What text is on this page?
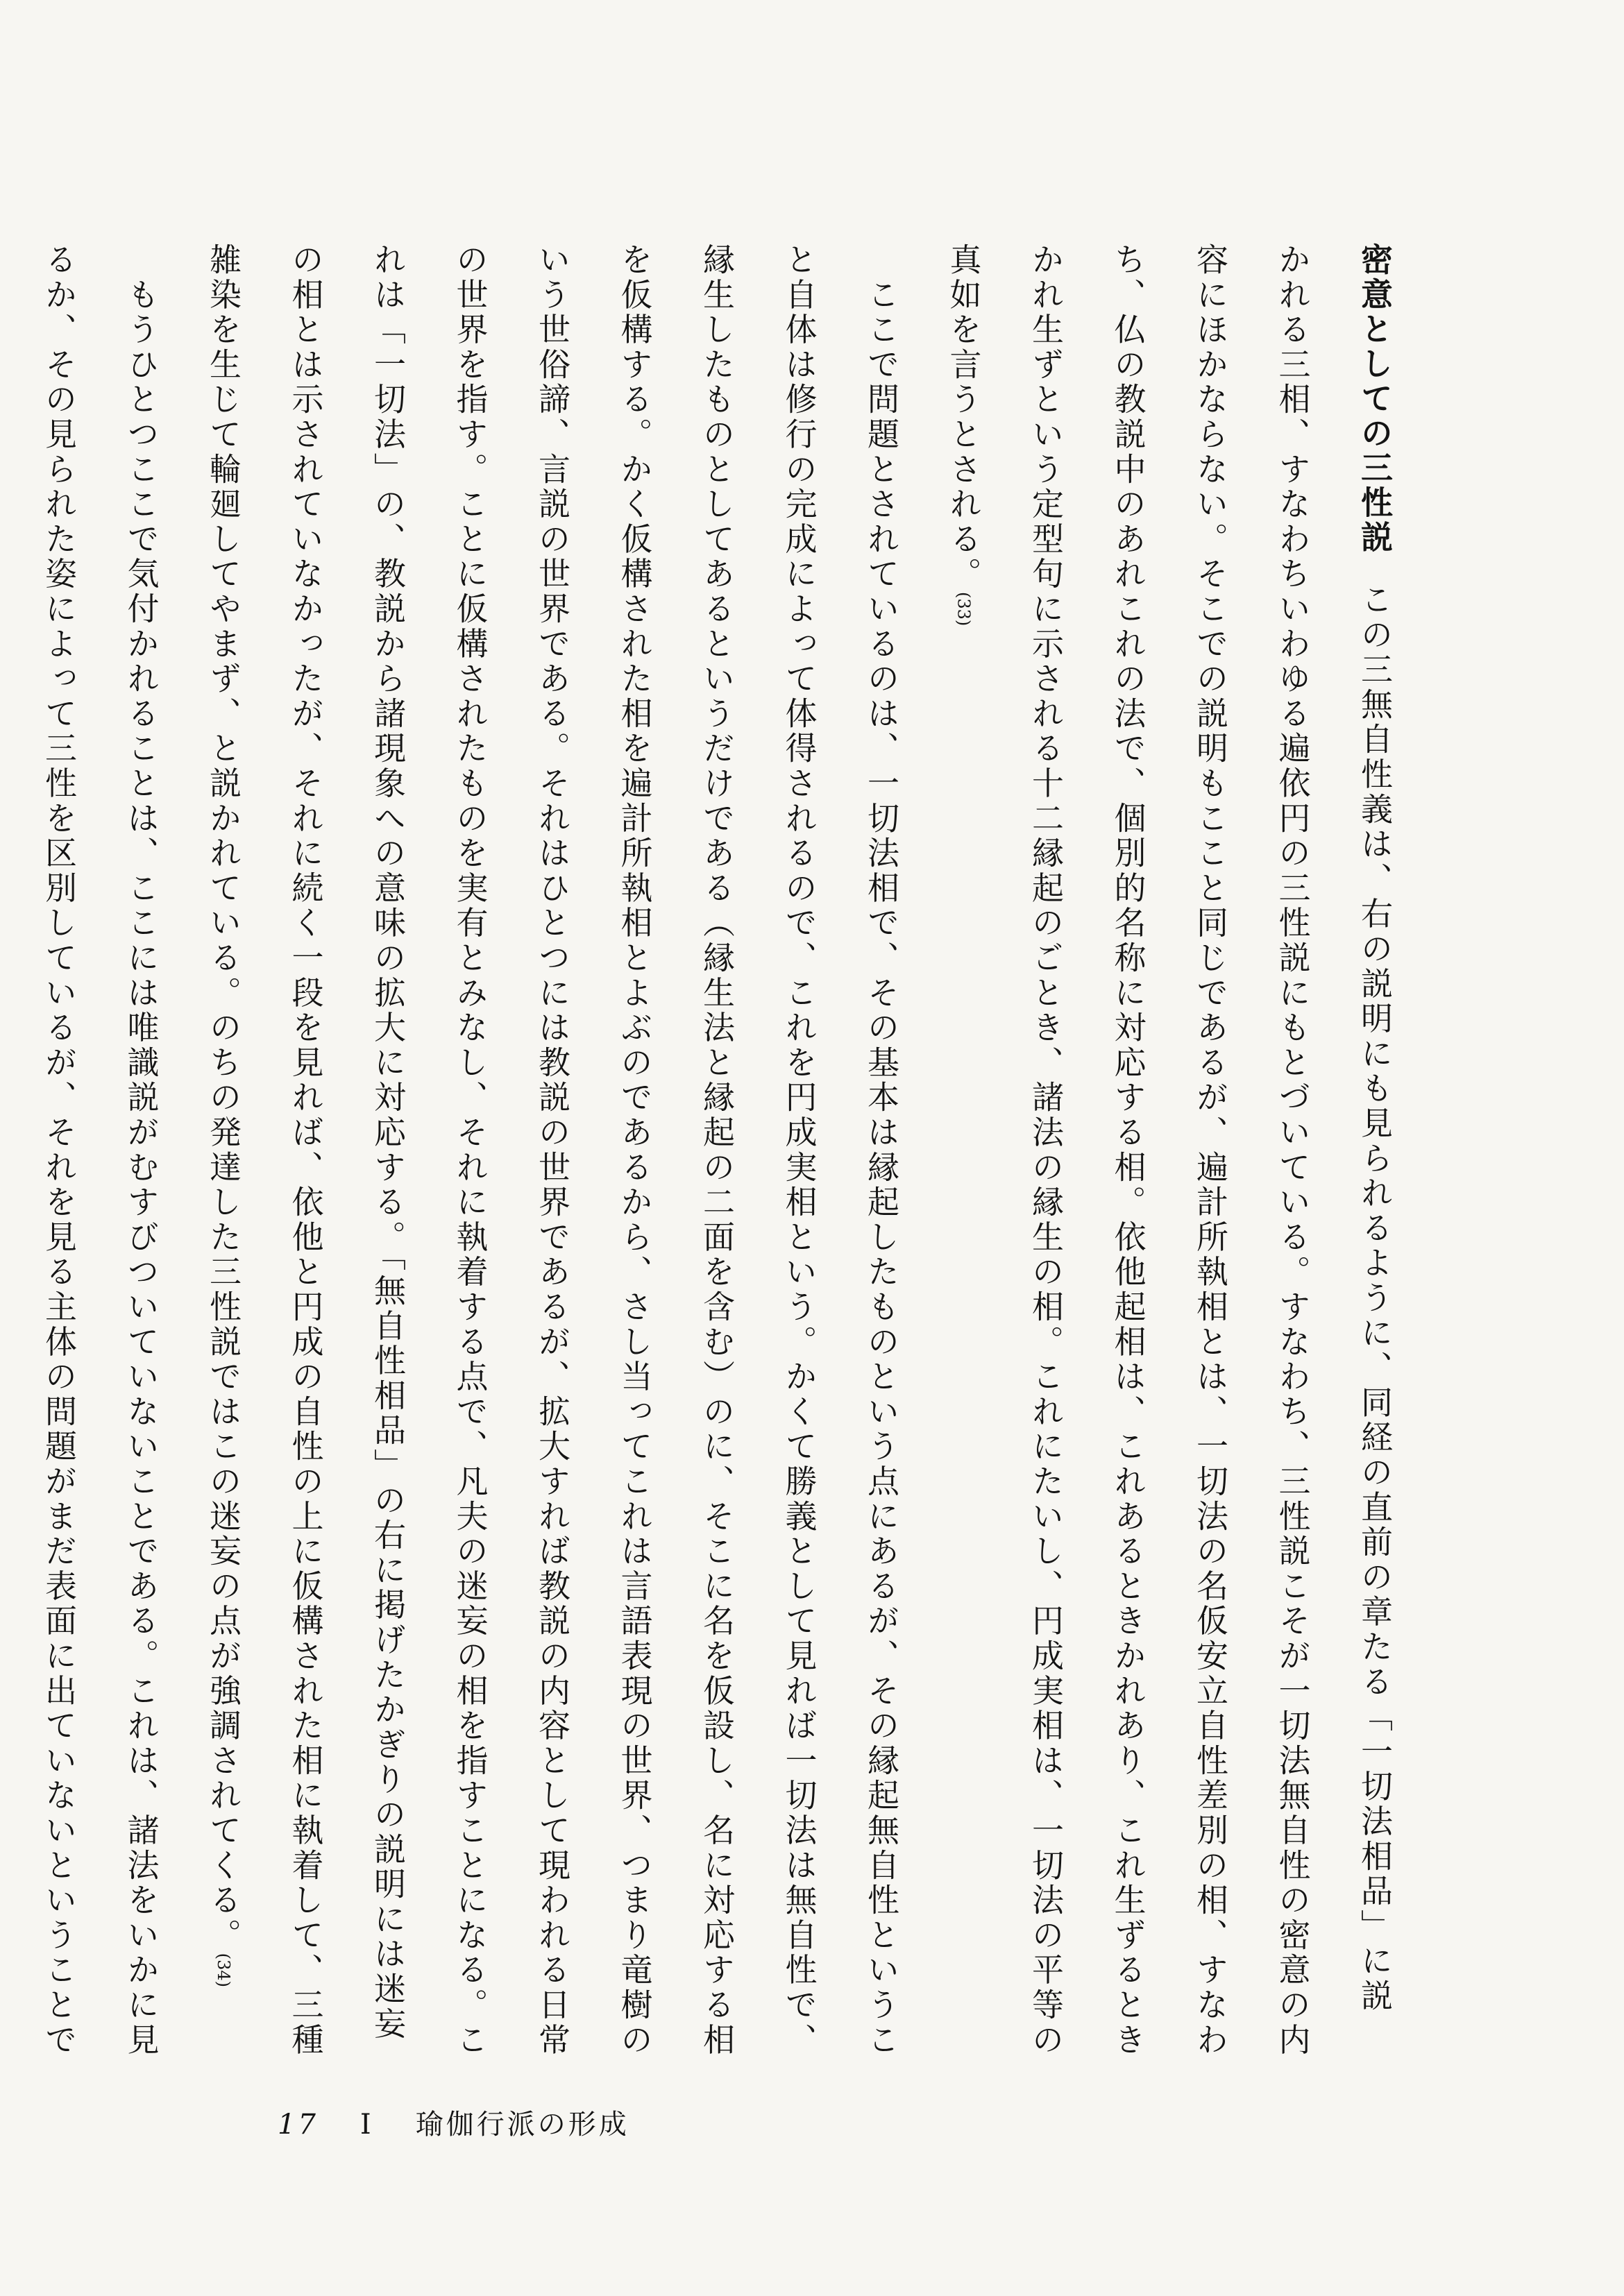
密意としての三性説この三無自性義は、右の説明にも見られるように、同経の直前の章たる「一切法相品」に説
かれる三相、すなわちいわゆる遍依円の三性説にもとづいている。すなわち、三性説こそが一切法無自性の密意の内
容にほかならない。そこでの説明もここと同じであるが、遍計所執相とは、一切法の名仮安立自性差別の相、すなわ
ち、仏の教説中のあれこれの法で、個別的名称に対応する相。依他起相は、これあるときかれあり、これ生ずるとき
かれ生ずという定型句に示される十二縁起のごとき、諸法の縁生の相。これにたいし、円成実相は、一切法の平等の
真如を言うとされる。(33)
　ここで問題とされているのは、一切法相で、その基本は縁起したものという点にあるが、その縁起無自性というこ
と自体は修行の完成によって体得されるので、これを円成実相という。かくて勝義として見れば一切法は無自性で、
縁生したものとしてあるというだけである（縁生法と縁起の二面を含む）のに、そこに名を仮設し、名に対応する相
を仮構する。かく仮構された相を遍計所執相とよぶのであるから、さし当ってこれは言語表現の世界、つまり竜樹の
いう世俗諦、言説の世界である。それはひとつには教説の世界であるが、拡大すれば教説の内容として現われる日常
の世界を指す。ことに仮構されたものを実有とみなし、それに執着する点で、凡夫の迷妄の相を指すことになる。こ
れは「一切法」の、教説から諸現象への意味の拡大に対応する。「無自性相品」の右に掲げたかぎりの説明には迷妄
の相とは示されていなかったが、それに続く一段を見れば、依他と円成の自性の上に仮構された相に執着して、三種
雑染を生じて輪廻してやまず、と説かれている。のちの発達した三性説ではこの迷妄の点が強調されてくる。(34)
　もうひとつここで気付かれることは、ここには唯識説がむすびついていないことである。これは、諸法をいかに見
るか、その見られた姿によって三性を区別しているが、それを見る主体の問題がまだ表面に出ていないということで
17 I 瑜伽行派の形成
